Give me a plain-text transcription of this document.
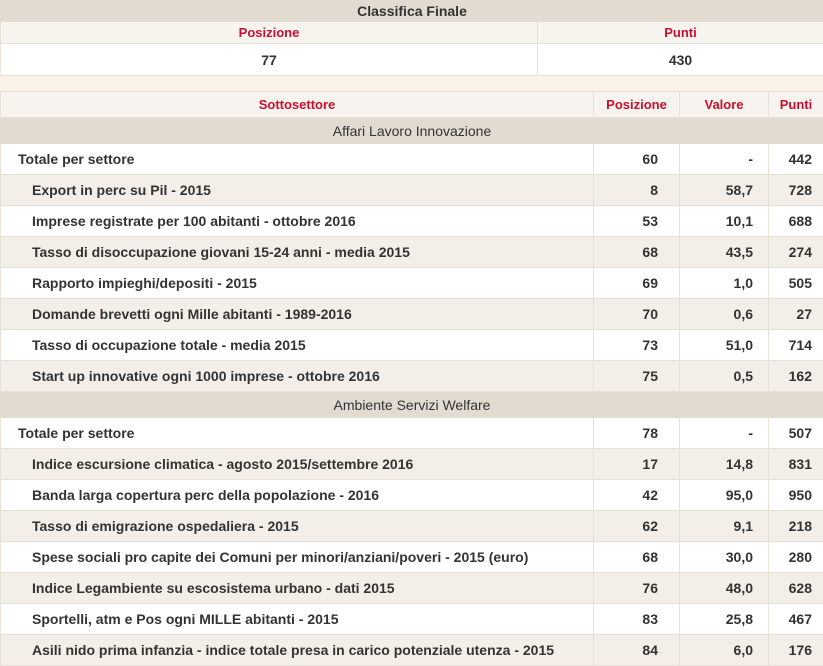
Classifica Finale	
Posizione	Punti
77	430
Sottosettore	Posizione	Valore	Punti
Affari Lavoro Innovazione			
Totale per settore	60	-	442
Export in perc su Pil - 2015	8	58,7	728
Imprese registrate per 100 abitanti - ottobre 2016	53	10,1	688
Tasso di disoccupazione giovani 15-24 anni - media 2015	68	43,5	274
Rapporto impieghi/depositi - 2015	69	1,0	505
Domande brevetti ogni Mille abitanti - 1989-2016	70	0,6	27
Tasso di occupazione totale - media 2015	73	51,0	714
Start up innovative ogni 1000 imprese - ottobre 2016	75	0,5	162
Ambiente Servizi Welfare			
Totale per settore	78	-	507
Indice escursione climatica - agosto 2015/settembre 2016	17	14,8	831
Banda larga copertura perc della popolazione - 2016	42	95,0	950
Tasso di emigrazione ospedaliera - 2015	62	9,1	218
Spese sociali pro capite dei Comuni per minori/anziani/poveri - 2015 (euro)	68	30,0	280
Indice Legambiente su escosistema urbano - dati 2015	76	48,0	628
Sportelli, atm e Pos ogni MILLE abitanti - 2015	83	25,8	467
Asili nido prima infanzia - indice totale presa in carico potenziale utenza - 2015	84	6,0	176
